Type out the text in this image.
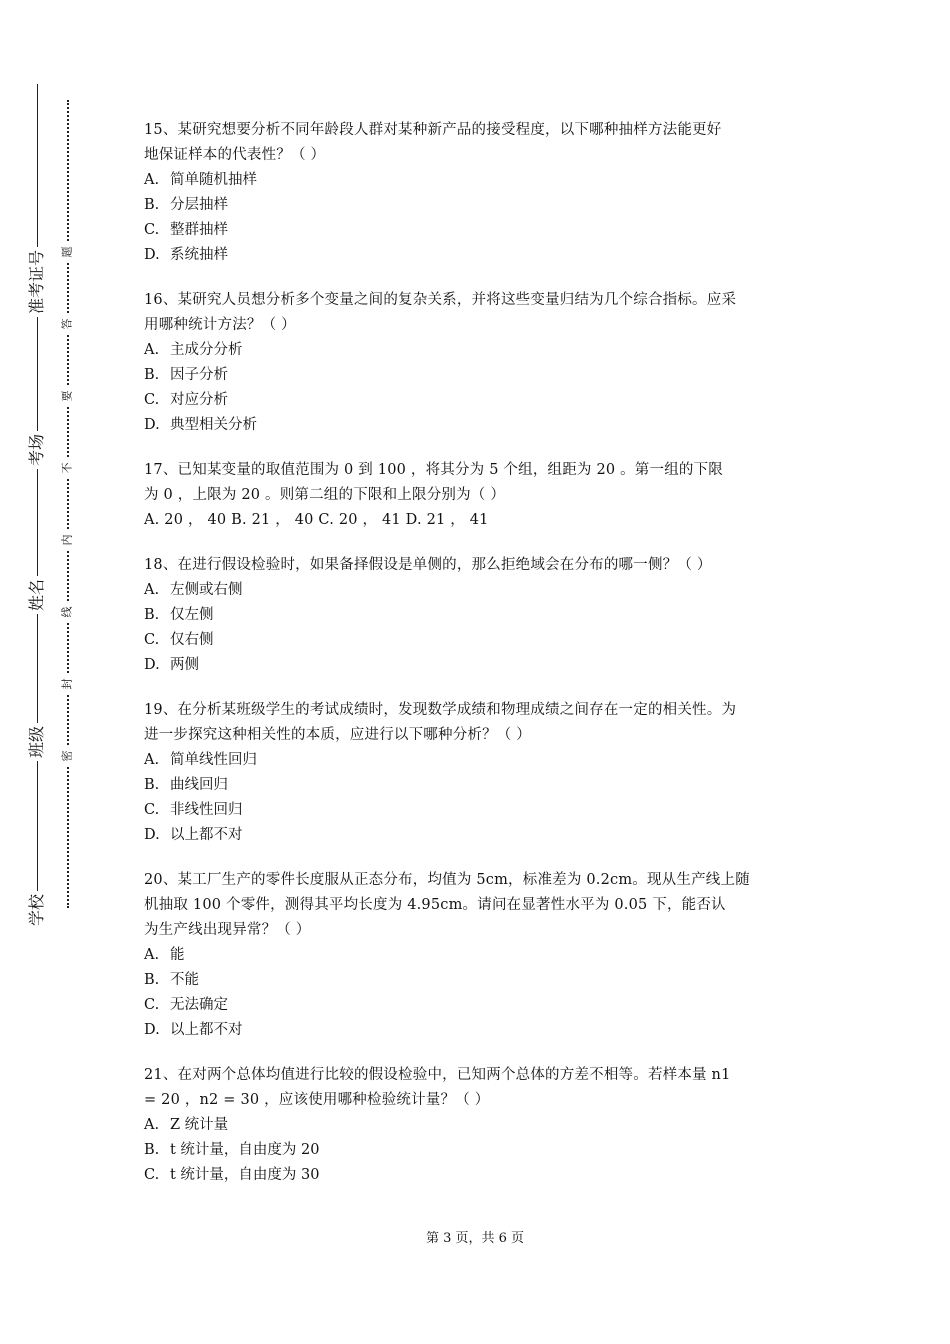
准考证号
考场
姓名
班级
学校
题
答
要
不
内
线
封
密
15、某研究想要分析不同年龄段人群对某种新产品的接受程度，以下哪种抽样方法能更好
地保证样本的代表性？（ ）
A. 简单随机抽样
B. 分层抽样
C. 整群抽样
D. 系统抽样
16、某研究人员想分析多个变量之间的复杂关系，并将这些变量归结为几个综合指标。应采
用哪种统计方法？（ ）
A. 主成分分析
B. 因子分析
C. 对应分析
D. 典型相关分析
17、已知某变量的取值范围为 0 到 100 ，将其分为 5 个组，组距为 20 。第一组的下限
为 0 ，上限为 20 。则第二组的下限和上限分别为（ ）
A. 20 ， 40 B. 21 ， 40 C. 20 ， 41 D. 21 ， 41
18、在进行假设检验时，如果备择假设是单侧的，那么拒绝域会在分布的哪一侧？（ ）
A. 左侧或右侧
B. 仅左侧
C. 仅右侧
D. 两侧
19、在分析某班级学生的考试成绩时，发现数学成绩和物理成绩之间存在一定的相关性。为
进一步探究这种相关性的本质，应进行以下哪种分析？（ ）
A. 简单线性回归
B. 曲线回归
C. 非线性回归
D. 以上都不对
20、某工厂生产的零件长度服从正态分布，均值为 5cm，标准差为 0.2cm。现从生产线上随
机抽取 100 个零件，测得其平均长度为 4.95cm。请问在显著性水平为 0.05 下，能否认
为生产线出现异常？（ ）
A. 能
B. 不能
C. 无法确定
D. 以上都不对
21、在对两个总体均值进行比较的假设检验中，已知两个总体的方差不相等。若样本量 n1
= 20 ，n2 = 30 ，应该使用哪种检验统计量？（ ）
A. Z 统计量
B. t 统计量，自由度为 20
C. t 统计量，自由度为 30
第 3 页，共 6 页
